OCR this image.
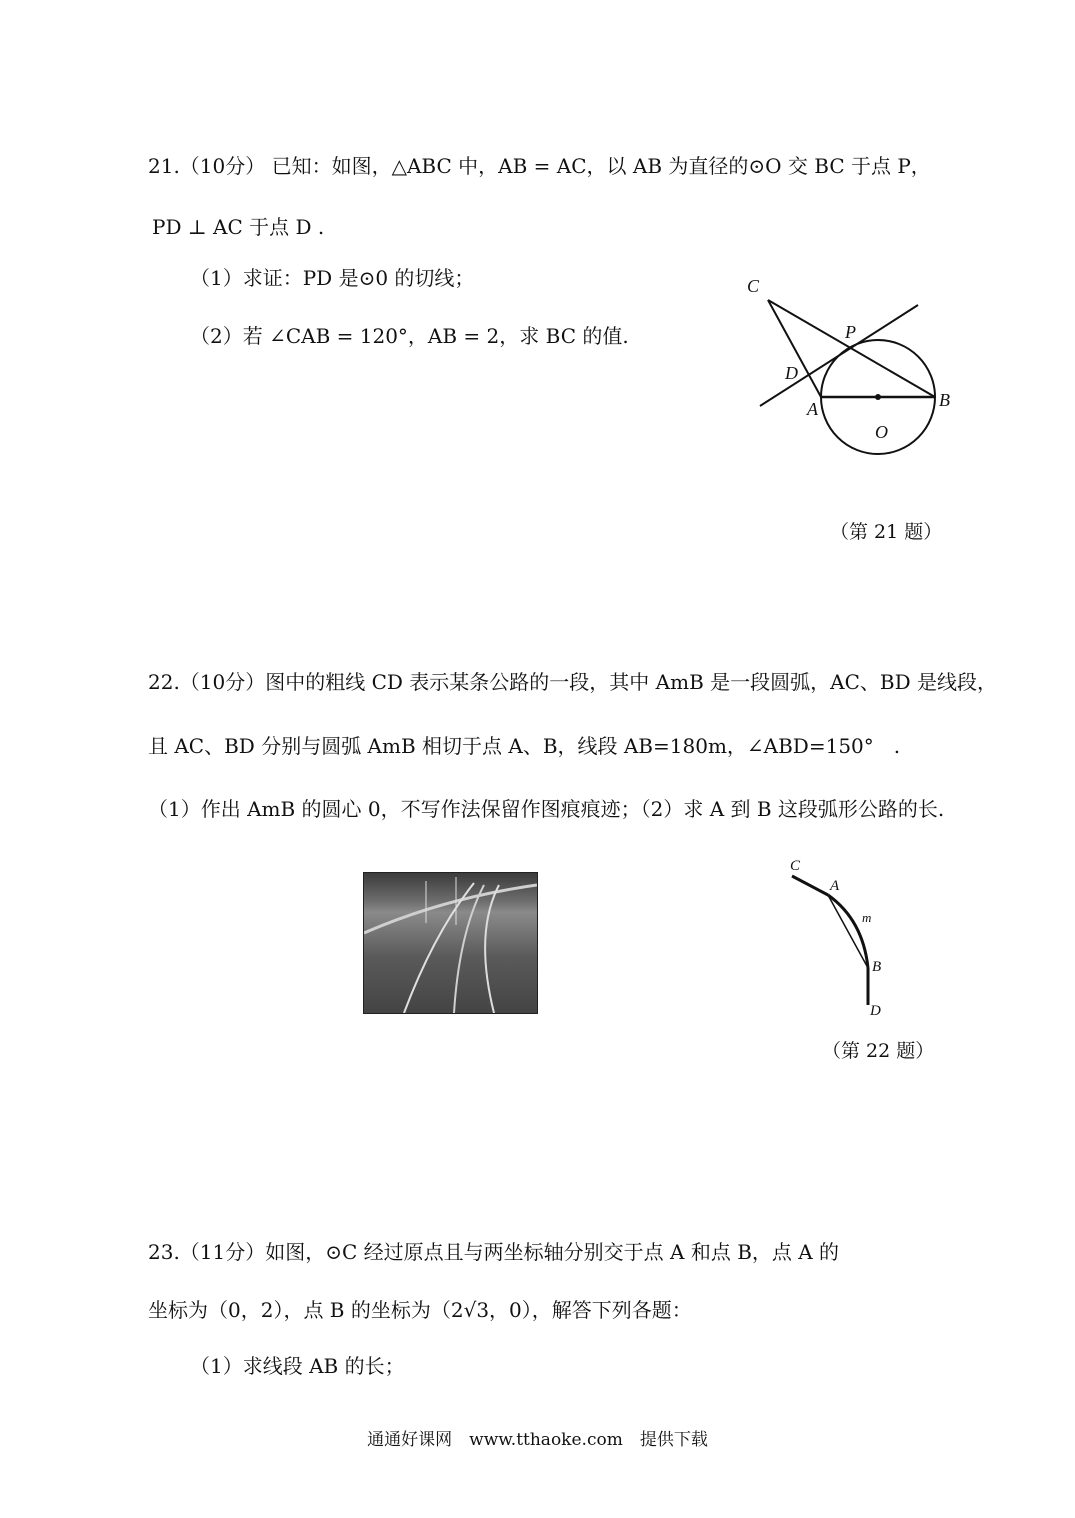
21.（10分） 已知：如图，△ABC 中，AB = AC，以 AB 为直径的⊙O 交 BC 于点 P，
PD ⊥ AC 于点 D .
（1）求证：PD 是⊙0 的切线；
（2）若 ∠CAB = 120°，AB = 2，求 BC 的值.
C
P
D
A	B
O
（第 21 题）
22.（10分）图中的粗线 CD 表示某条公路的一段，其中 AmB 是一段圆弧，AC、BD 是线段，
且 AC、BD 分别与圆弧 AmB 相切于点 A、B，线段 AB=180m，∠ABD=150°　.
（1）作出 AmB 的圆心 0，不写作法保留作图痕痕迹；（2）求 A 到 B 这段弧形公路的长.
C
A
m
B
D
（第 22 题）
23.（11分）如图，⊙C 经过原点且与两坐标轴分别交于点 A 和点 B，点 A 的
坐标为（0，2），点 B 的坐标为（2√3，0），解答下列各题：
（1）求线段 AB 的长；
通通好课网　www.tthaoke.com　提供下载
